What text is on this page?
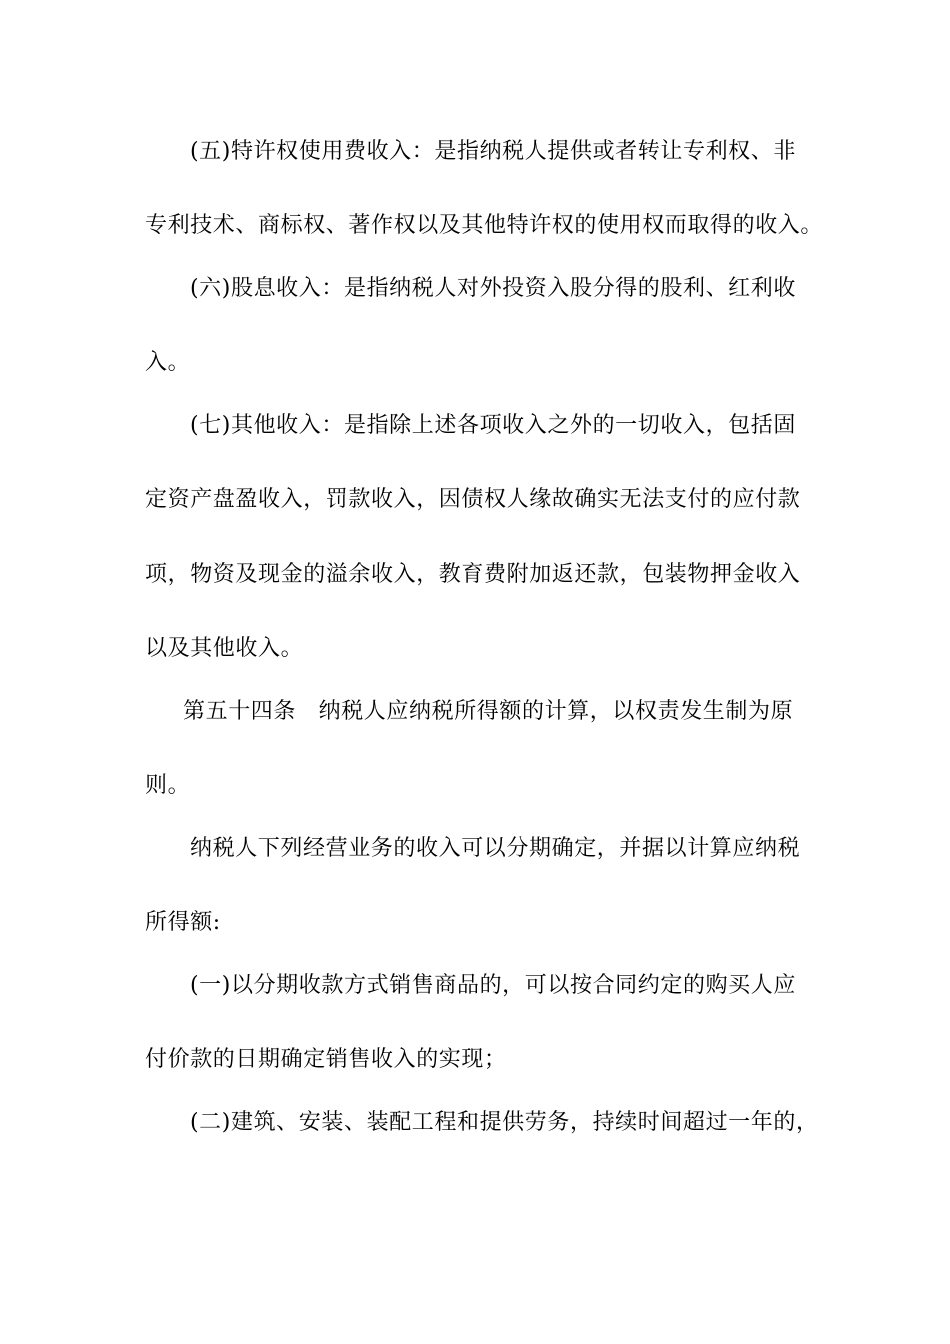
(五)特许权使用费收入：是指纳税人提供或者转让专利权、非
专利技术、商标权、著作权以及其他特许权的使用权而取得的收入。
(六)股息收入：是指纳税人对外投资入股分得的股利、红利收
入。
(七)其他收入：是指除上述各项收入之外的一切收入，包括固
定资产盘盈收入，罚款收入，因债权人缘故确实无法支付的应付款
项，物资及现金的溢余收入，教育费附加返还款，包装物押金收入
以及其他收入。
第五十四条　纳税人应纳税所得额的计算，以权责发生制为原
则。
纳税人下列经营业务的收入可以分期确定，并据以计算应纳税
所得额:
(一)以分期收款方式销售商品的，可以按合同约定的购买人应
付价款的日期确定销售收入的实现；
(二)建筑、安装、装配工程和提供劳务，持续时间超过一年的，
